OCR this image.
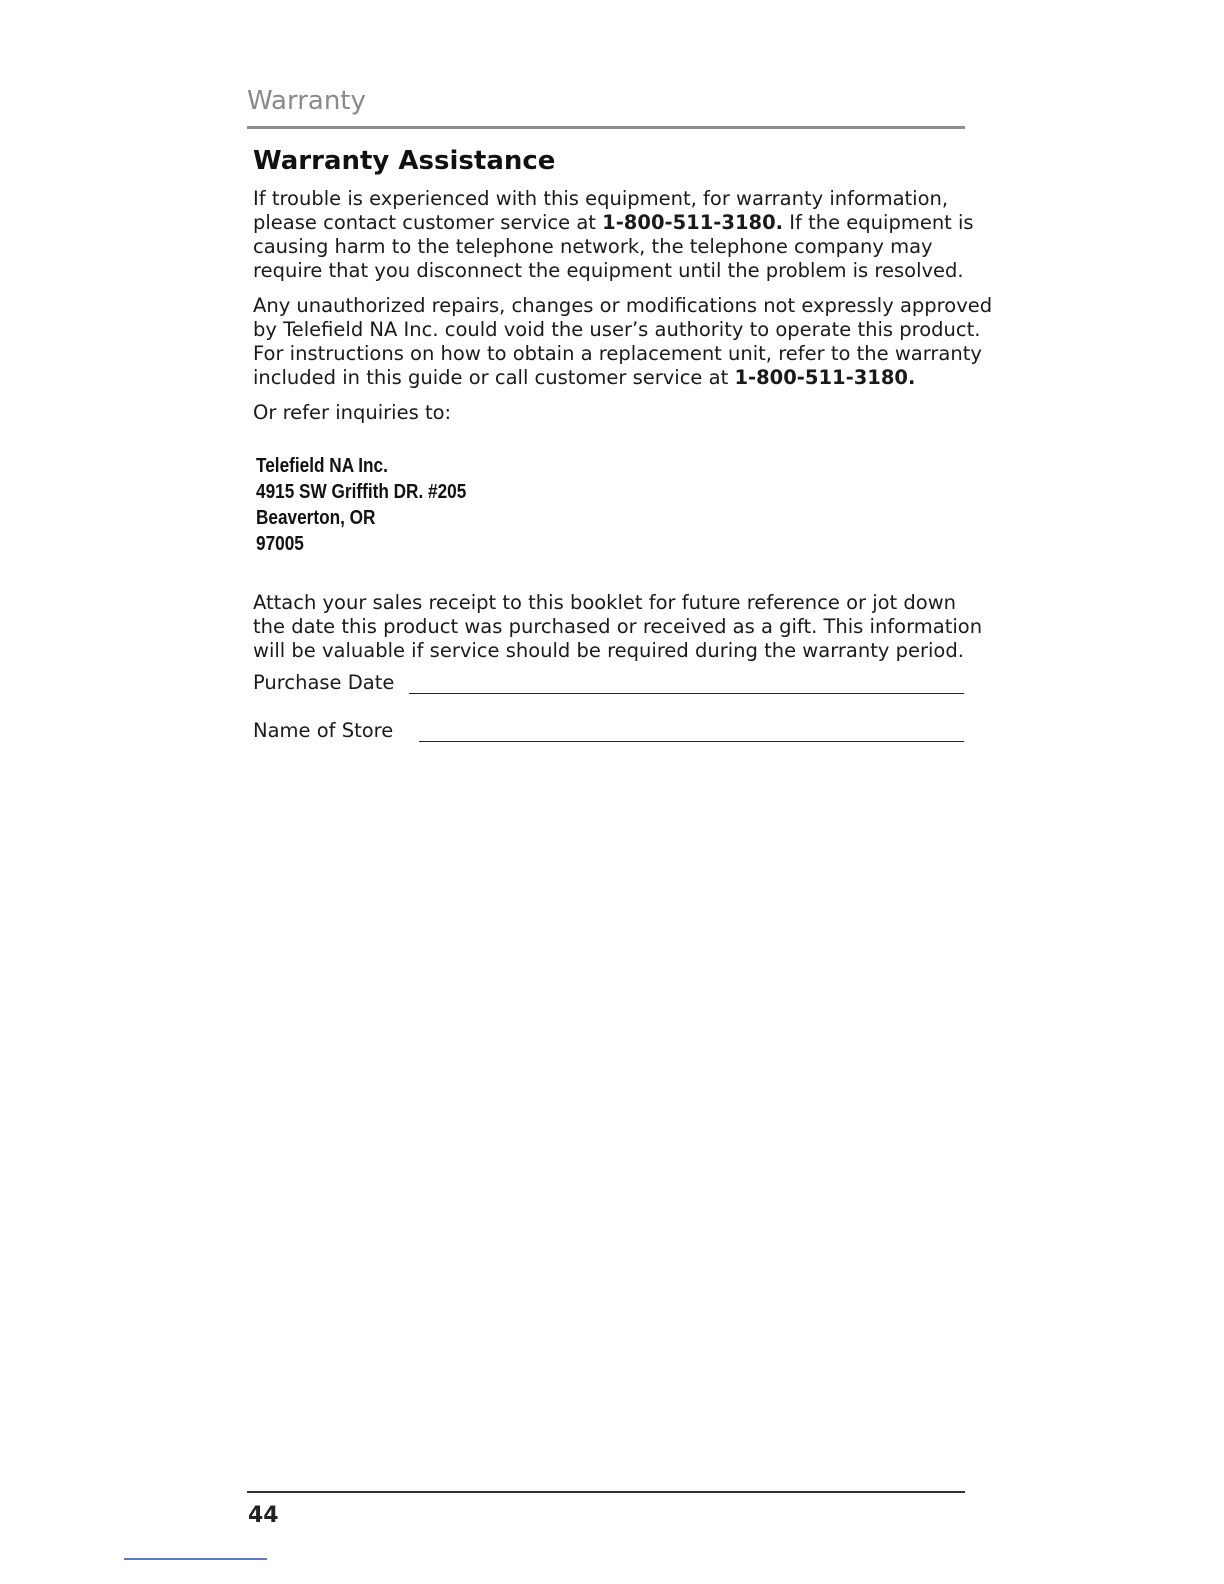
Warranty
Warranty Assistance
If trouble is experienced with this equipment, for warranty information, please contact customer service at 1-800-511-3180. If the equipment is causing harm to the telephone network, the telephone company may require that you disconnect the equipment until the problem is resolved.
Any unauthorized repairs, changes or modifications not expressly approved by Telefield NA Inc. could void the user’s authority to operate this product. For instructions on how to obtain a replacement unit, refer to the warranty included in this guide or call customer service at 1-800-511-3180.
Or refer inquiries to:
Telefield NA Inc.
4915 SW Griffith DR. #205
Beaverton, OR
97005
Attach your sales receipt to this booklet for future reference or jot down the date this product was purchased or received as a gift. This information will be valuable if service should be required during the warranty period.
Purchase Date
Name of Store
44
